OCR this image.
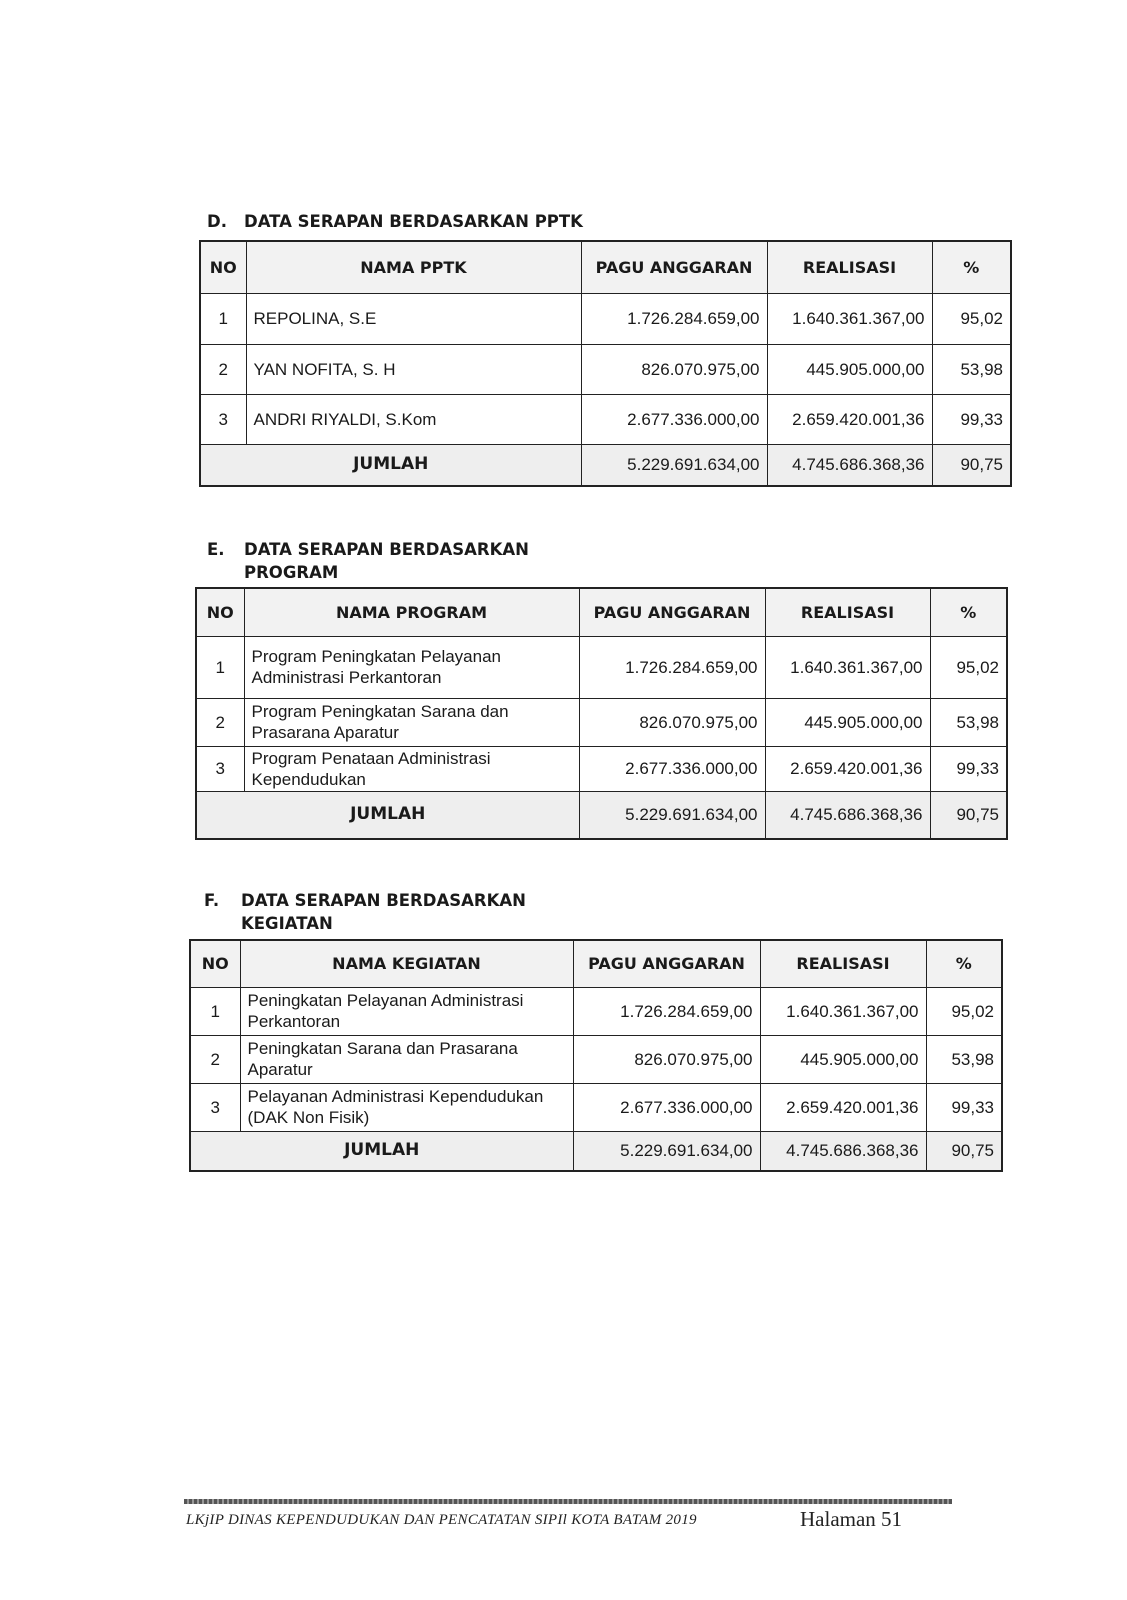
D. DATA SERAPAN BERDASARKAN PPTK
NO	NAMA PPTK	PAGU ANGGARAN	REALISASI	%
1	REPOLINA, S.E	1.726.284.659,00	1.640.361.367,00	95,02
2	YAN NOFITA, S. H	826.070.975,00	445.905.000,00	53,98
3	ANDRI RIYALDI, S.Kom	2.677.336.000,00	2.659.420.001,36	99,33
JUMLAH		5.229.691.634,00	4.745.686.368,36	90,75
E. DATA SERAPAN BERDASARKAN
PROGRAM
NO	NAMA PROGRAM	PAGU ANGGARAN	REALISASI	%
1	Program Peningkatan Pelayanan Administrasi Perkantoran	1.726.284.659,00	1.640.361.367,00	95,02
2	Program Peningkatan Sarana dan Prasarana Aparatur	826.070.975,00	445.905.000,00	53,98
3	Program Penataan Administrasi Kependudukan	2.677.336.000,00	2.659.420.001,36	99,33
JUMLAH		5.229.691.634,00	4.745.686.368,36	90,75
F. DATA SERAPAN BERDASARKAN
KEGIATAN
NO	NAMA KEGIATAN	PAGU ANGGARAN	REALISASI	%
1	Peningkatan Pelayanan Administrasi Perkantoran	1.726.284.659,00	1.640.361.367,00	95,02
2	Peningkatan Sarana dan Prasarana Aparatur	826.070.975,00	445.905.000,00	53,98
3	Pelayanan Administrasi Kependudukan (DAK Non Fisik)	2.677.336.000,00	2.659.420.001,36	99,33
JUMLAH		5.229.691.634,00	4.745.686.368,36	90,75
LKjIP DINAS KEPENDUDUKAN DAN PENCATATAN SIPIl KOTA BATAM 2019	Halaman 51
